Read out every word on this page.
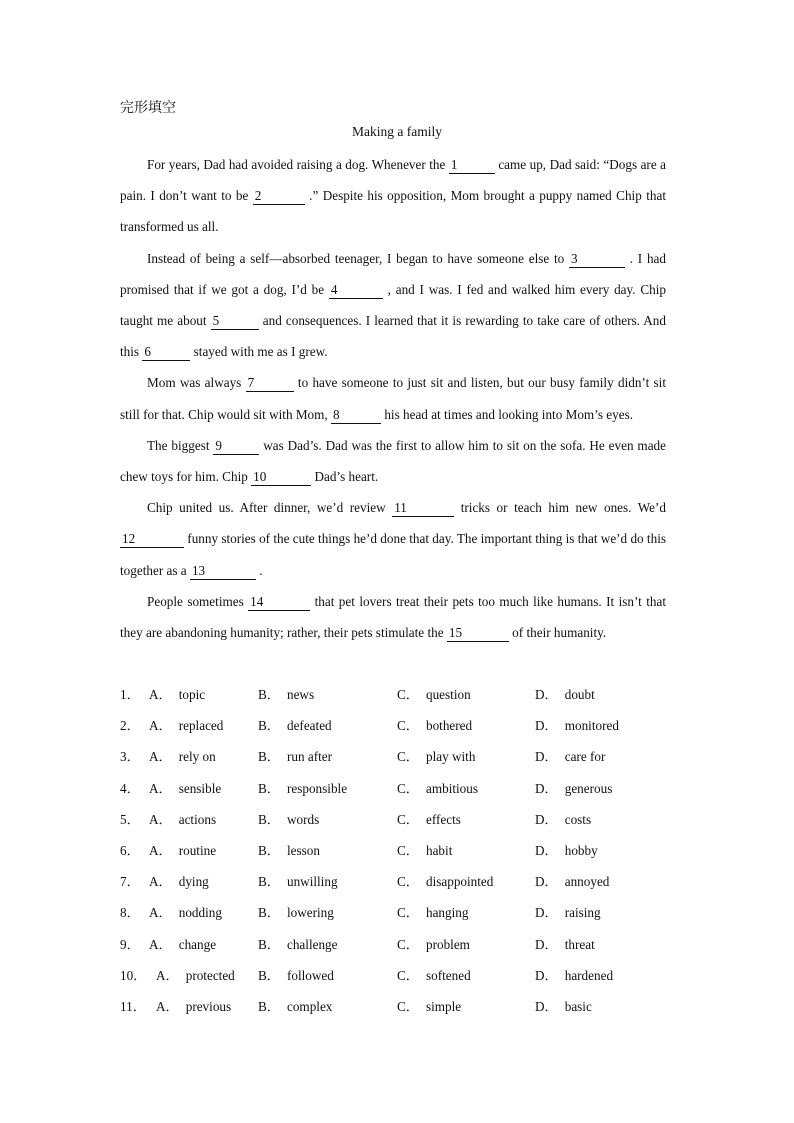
完形填空
Making a family

For years, Dad had avoided raising a dog. Whenever the 1	came up, Dad said: “Dogs are a pain. I don’t want to be 2	.” Despite his opposition, Mom brought a puppy named Chip that transformed us all.

Instead of being a self—absorbed teenager, I began to have someone else to 3	. I had promised that if we got a dog, I’d be 4	, and I was. I fed and walked him every day. Chip taught me about 5	and consequences. I learned that it is rewarding to take care of others. And this 6	stayed with me as I grew.

Mom was always 7	to have someone to just sit and listen, but our busy family didn’t sit still for that. Chip would sit with Mom, 8	his head at times and looking into Mom’s eyes.

The biggest 9	was Dad’s. Dad was the first to allow him to sit on the sofa. He even made chew toys for him. Chip 10	Dad’s heart.

Chip united us. After dinner, we’d review 11	tricks or teach him new ones. We’d 12	funny stories of the cute things he’d done that day. The important thing is that we’d do this together as a 13	.

People sometimes 14	that pet lovers treat their pets too much like humans. It isn’t that they are abandoning humanity; rather, their pets stimulate the 15	of their humanity.

1． A． topic	B． news	C． question	D． doubt
2． A． replaced	B． defeated	C． bothered	D． monitored
3． A． rely on	B． run after	C． play with	D． care for
4． A． sensible	B． responsible	C． ambitious	D． generous
5． A． actions	B． words	C． effects	D． costs
6． A． routine	B． lesson	C． habit	D． hobby
7． A． dying	B． unwilling	C． disappointed	D． annoyed
8． A． nodding	B． lowering	C． hanging	D． raising
9． A． change	B． challenge	C． problem	D． threat
10． A． protected B． followed	C． softened	D． hardened
11． A． previous B． complex	C． simple	D． basic
